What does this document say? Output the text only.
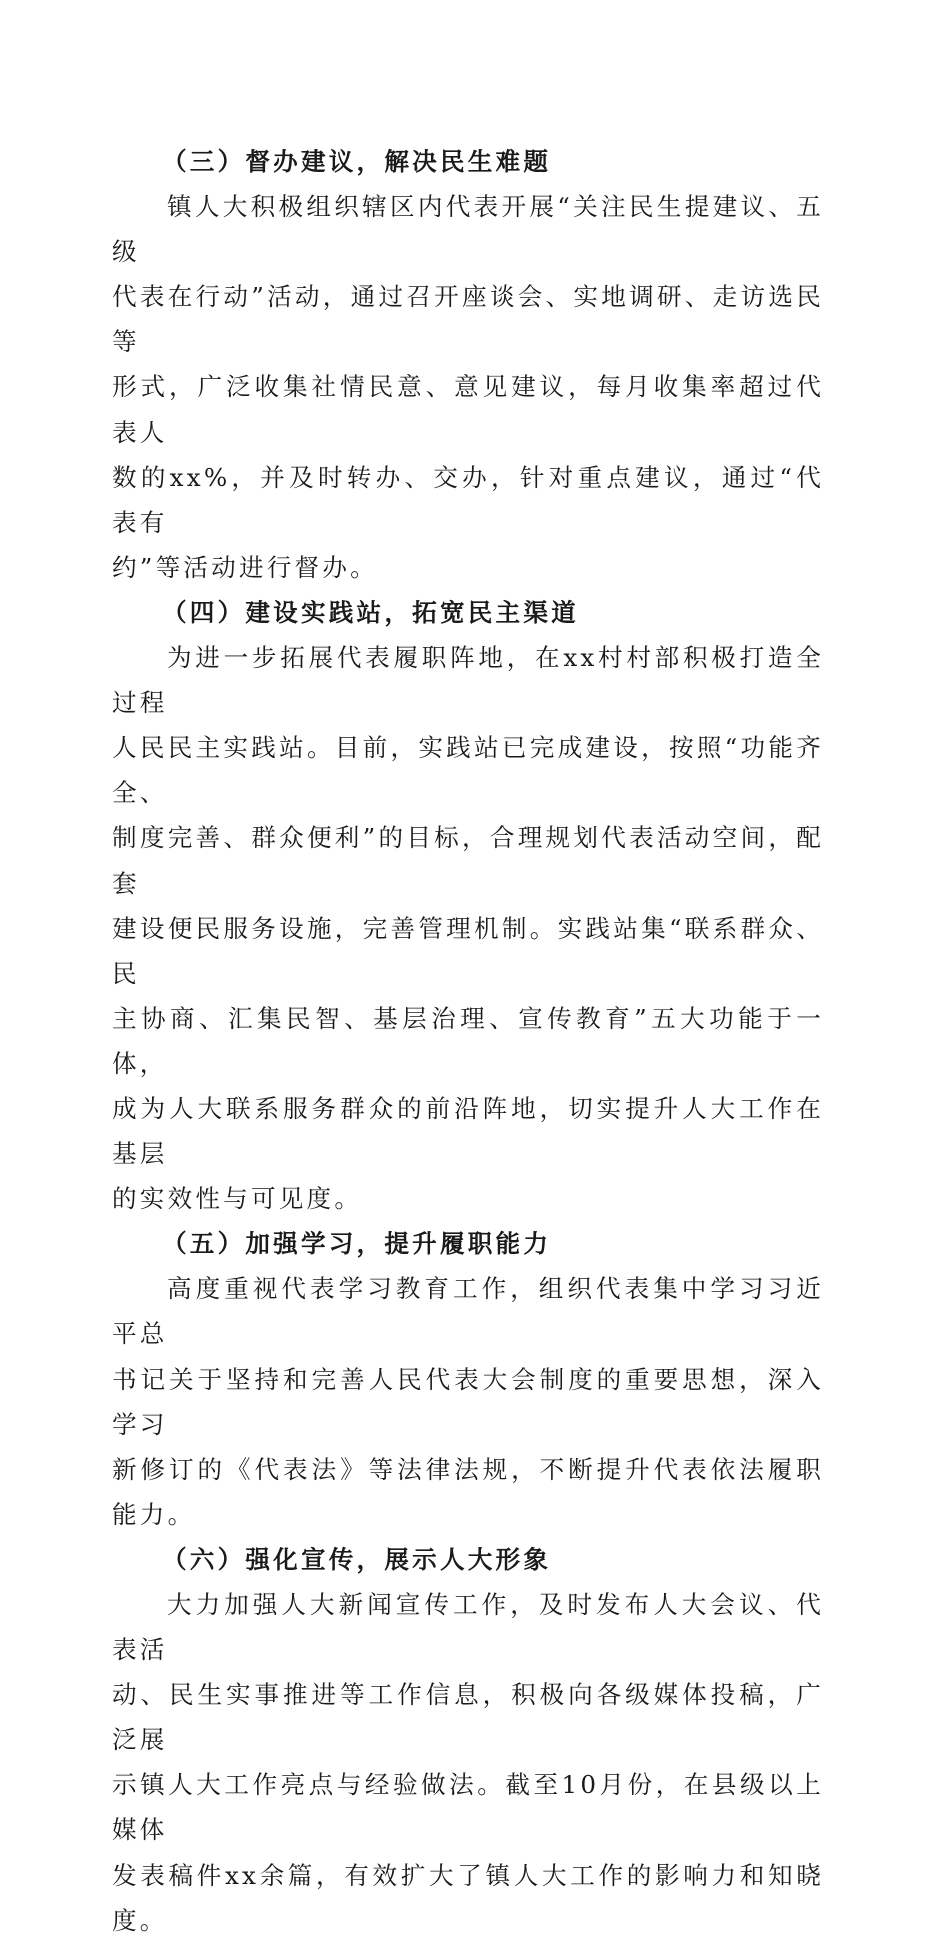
（三）督办建议，解决民生难题

镇人大积极组织辖区内代表开展“关注民生提建议、五级
代表在行动”活动，通过召开座谈会、实地调研、走访选民等
形式，广泛收集社情民意、意见建议，每月收集率超过代表人
数的xx%，并及时转办、交办，针对重点建议，通过“代表有
约”等活动进行督办。

（四）建设实践站，拓宽民主渠道

为进一步拓展代表履职阵地，在xx村村部积极打造全过程
人民民主实践站。目前，实践站已完成建设，按照“功能齐全、
制度完善、群众便利”的目标，合理规划代表活动空间，配套
建设便民服务设施，完善管理机制。实践站集“联系群众、民
主协商、汇集民智、基层治理、宣传教育”五大功能于一体，
成为人大联系服务群众的前沿阵地，切实提升人大工作在基层
的实效性与可见度。

（五）加强学习，提升履职能力

高度重视代表学习教育工作，组织代表集中学习习近平总
书记关于坚持和完善人民代表大会制度的重要思想，深入学习
新修订的《代表法》等法律法规，不断提升代表依法履职能力。

（六）强化宣传，展示人大形象

大力加强人大新闻宣传工作，及时发布人大会议、代表活
动、民生实事推进等工作信息，积极向各级媒体投稿，广泛展
示镇人大工作亮点与经验做法。截至10月份，在县级以上媒体
发表稿件xx余篇，有效扩大了镇人大工作的影响力和知晓度。
